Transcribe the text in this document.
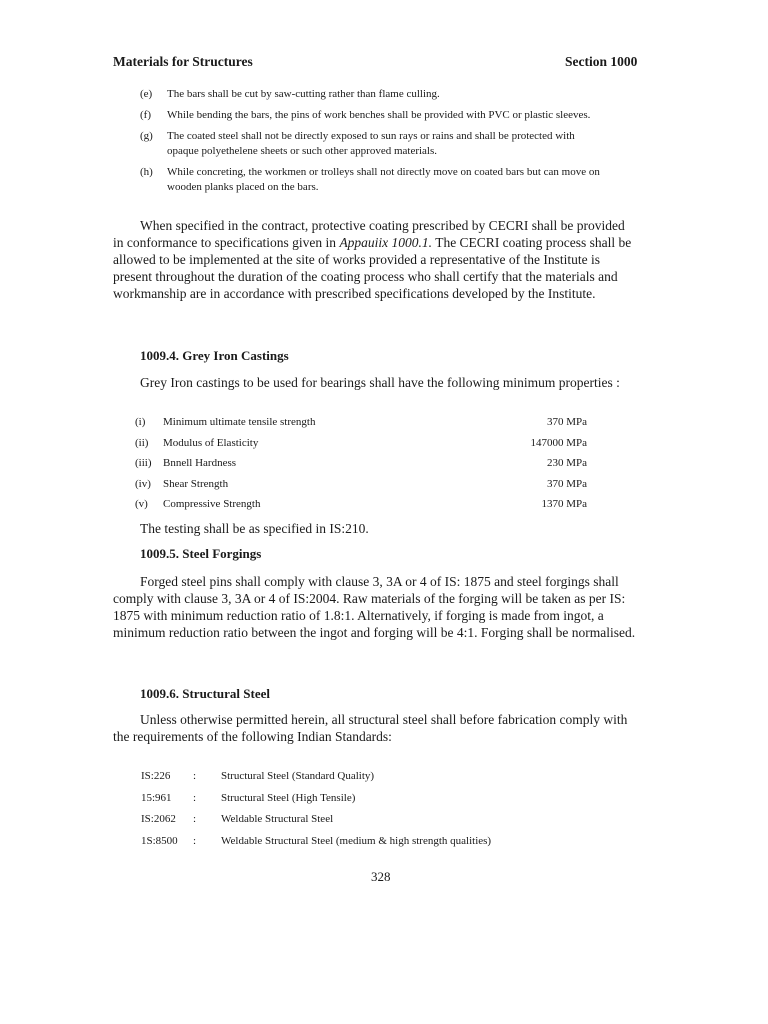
Materials for Structures	Section 1000
(e) The bars shall be cut by saw-cutting rather than flame culling.
(f) While bending the bars, the pins of work benches shall be provided with PVC or plastic sleeves.
(g) The coated steel shall not be directly exposed to sun rays or rains and shall be protected with opaque polyethelene sheets or such other approved materials.
(h) While concreting, the workmen or trolleys shall not directly move on coated bars but can move on wooden planks placed on the bars.

When specified in the contract, protective coating prescribed by CECRI shall be provided in conformance to specifications given in Appauiix 1000.1. The CECRI coating process shall be allowed to be implemented at the site of works provided a representative of the Institute is present throughout the duration of the coating process who shall certify that the materials and workmanship are in accordance with prescribed specifications developed by the Institute.

1009.4. Grey Iron Castings

Grey Iron castings to be used for bearings shall have the following minimum properties :

(i) Minimum ultimate tensile strength	370 MPa
(ii) Modulus of Elasticity	147000 MPa
(iii) Bnnell Hardness	230 MPa
(iv) Shear Strength	370 MPa
(v) Compressive Strength	1370 MPa

The testing shall be as specified in IS:210.

1009.5. Steel Forgings

Forged steel pins shall comply with clause 3, 3A or 4 of IS: 1875 and steel forgings shall comply with clause 3, 3A or 4 of IS:2004. Raw materials of the forging will be taken as per IS: 1875 with minimum reduction ratio of 1.8:1. Alternatively, if forging is made from ingot, a minimum reduction ratio between the ingot and forging will be 4:1. Forging shall be normalised.

1009.6. Structural Steel

Unless otherwise permitted herein, all structural steel shall before fabrication comply with the requirements of the following Indian Standards:

IS:226 : Structural Steel (Standard Quality)
15:961 : Structural Steel (High Tensile)
IS:2062 : Weldable Structural Steel
1S:8500 : Weldable Structural Steel (medium & high strength qualities)
328
